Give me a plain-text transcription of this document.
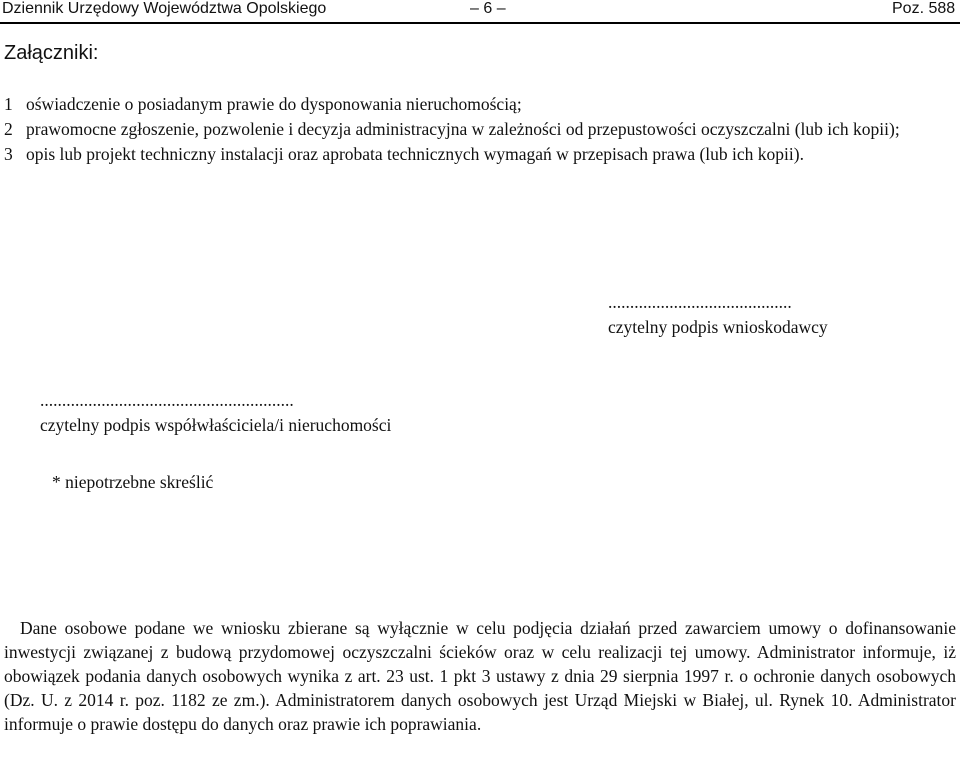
Dziennik Urzędowy Województwa Opolskiego	– 6 –	Poz. 588
Załączniki:
1 oświadczenie o posiadanym prawie do dysponowania nieruchomością;
2 prawomocne zgłoszenie, pozwolenie i decyzja administracyjna w zależności od przepustowości oczyszczalni (lub ich kopii);
3 opis lub projekt techniczny instalacji oraz aprobata technicznych wymagań w przepisach prawa (lub ich kopii).
..........................................
czytelny podpis wnioskodawcy
..........................................................
czytelny podpis współwłaściciela/i nieruchomości
* niepotrzebne skreślić
Dane osobowe podane we wniosku zbierane są wyłącznie w celu podjęcia działań przed zawarciem umowy o dofinansowanie inwestycji związanej z budową przydomowej oczyszczalni ścieków oraz w celu realizacji tej umowy. Administrator informuje, iż obowiązek podania danych osobowych wynika z art. 23 ust. 1 pkt 3 ustawy z dnia 29 sierpnia 1997 r. o ochronie danych osobowych (Dz. U. z 2014 r. poz. 1182 ze zm.). Administratorem danych osobowych jest Urząd Miejski w Białej, ul. Rynek 10. Administrator informuje o prawie dostępu do danych oraz prawie ich poprawiania.
